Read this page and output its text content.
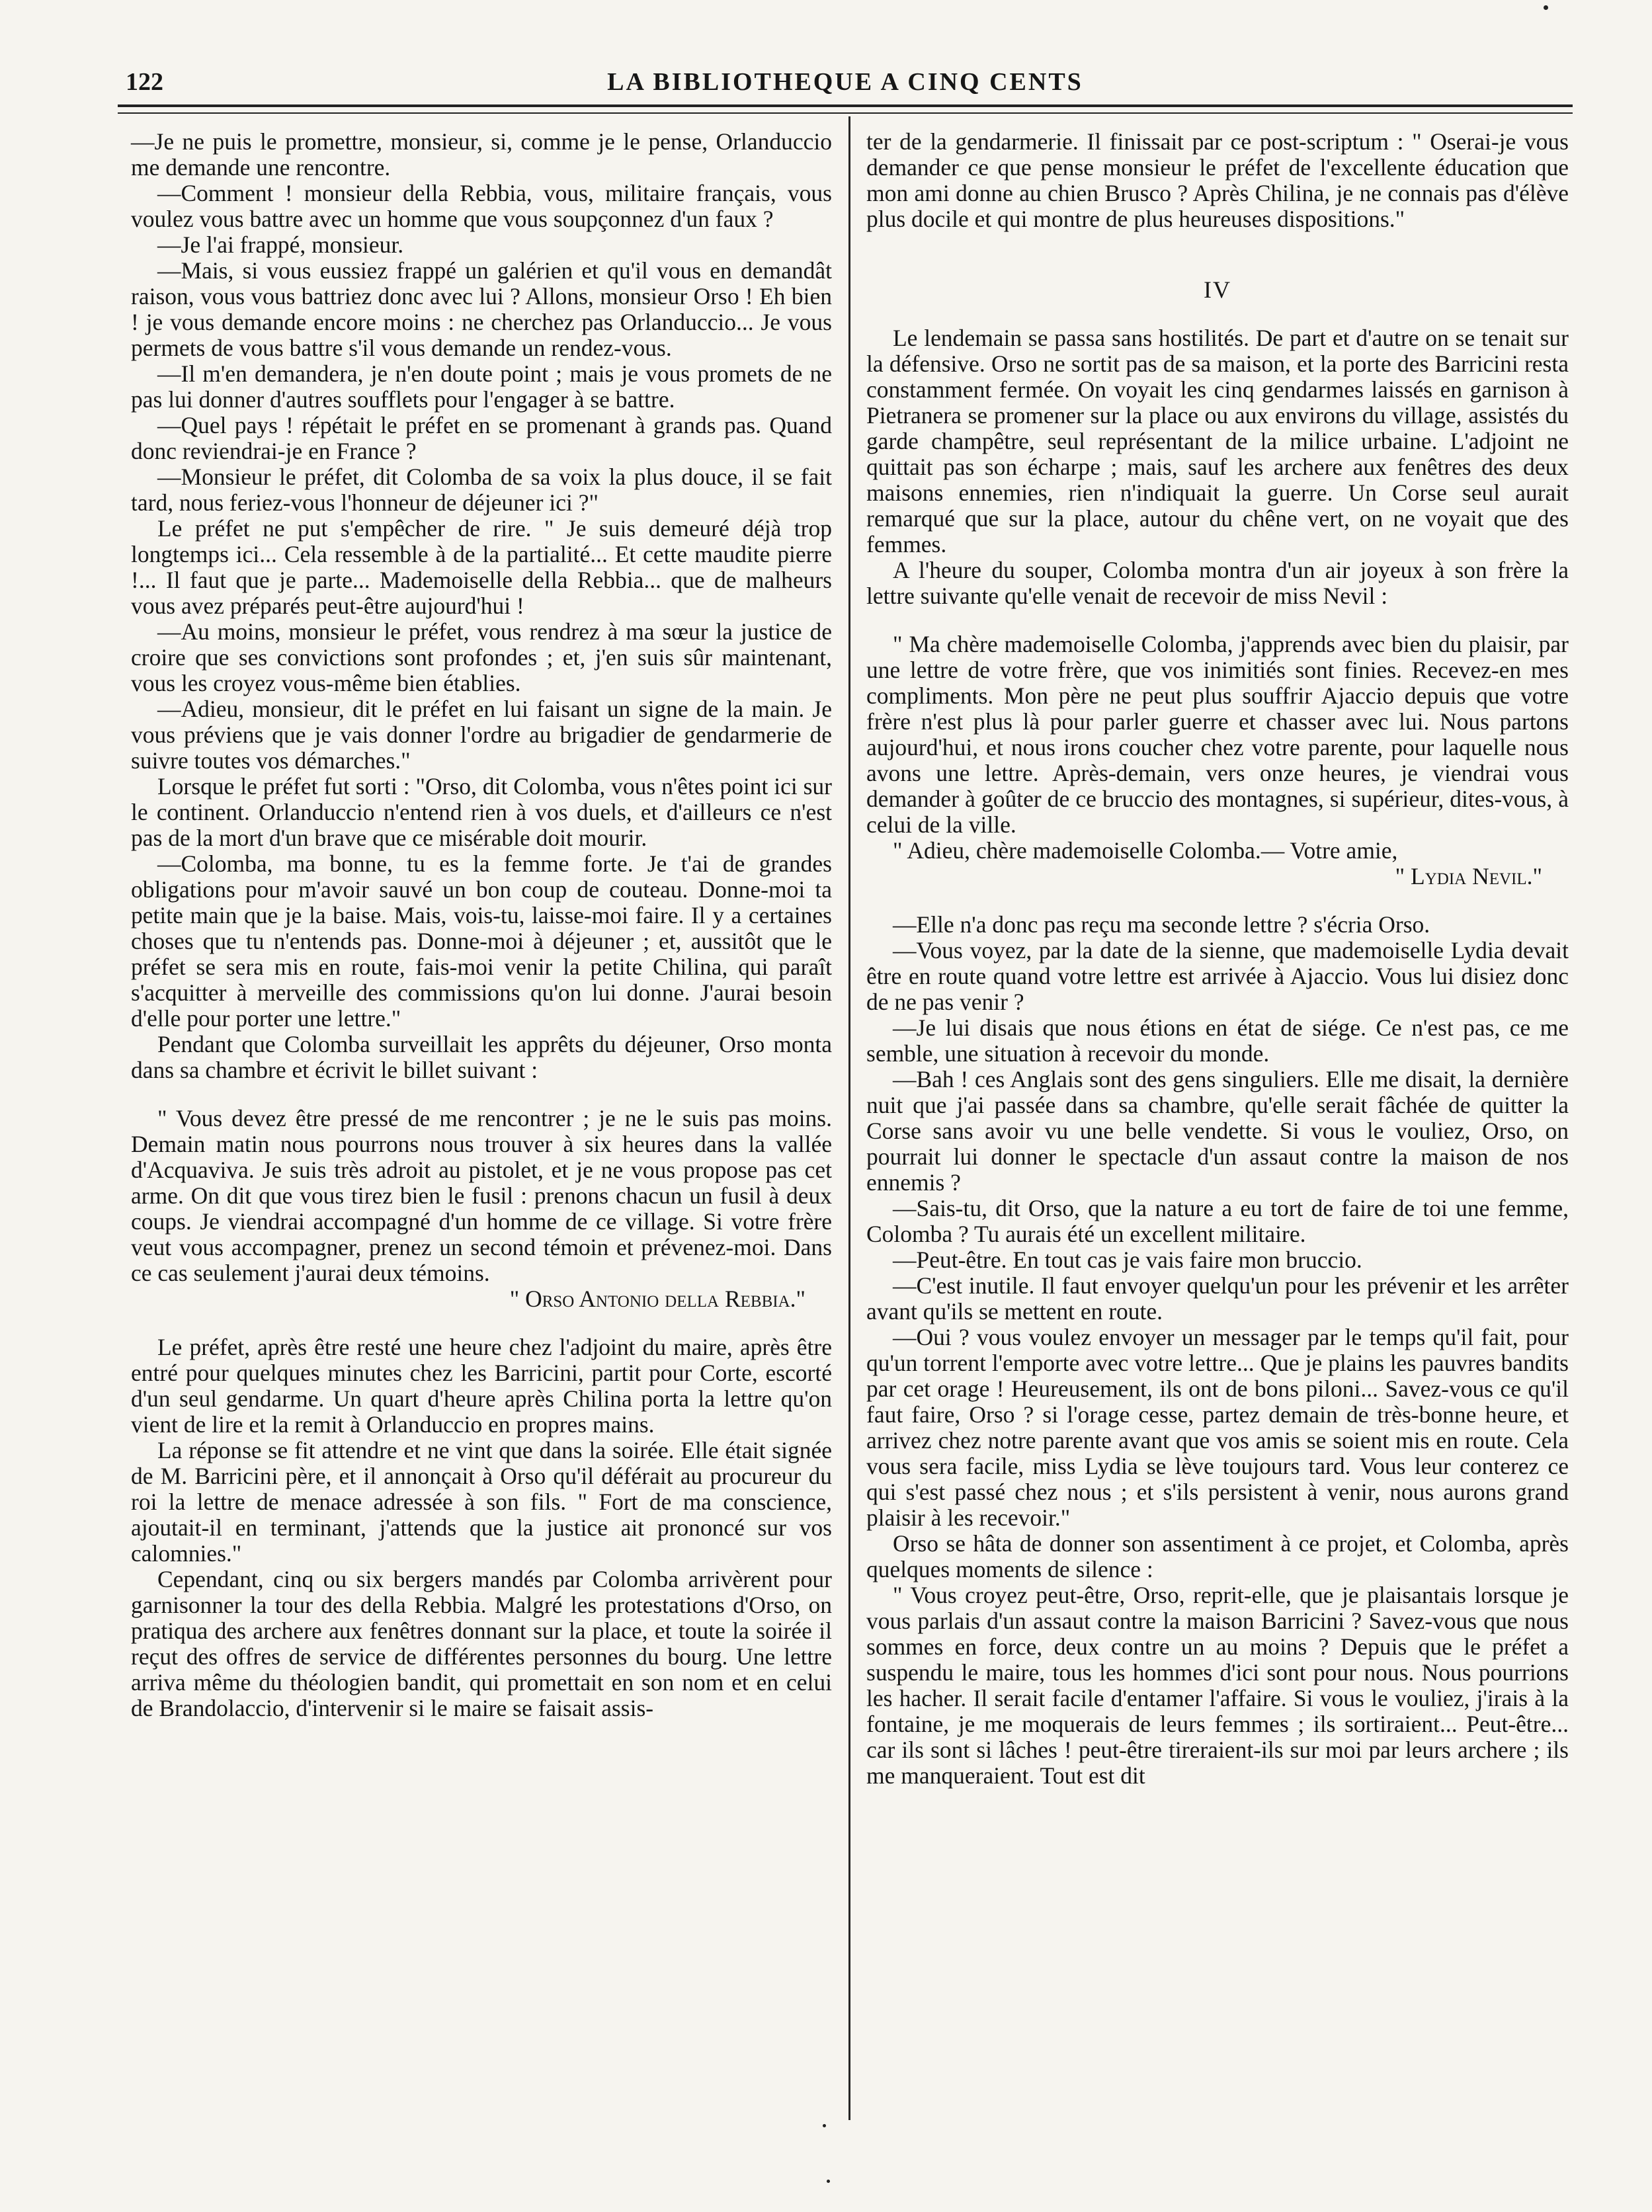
122	LA BIBLIOTHEQUE A CINQ CENTS

—Je ne puis le promettre, monsieur, si, comme je le pense, Orlanduccio me demande une rencontre.

—Comment ! monsieur della Rebbia, vous, militaire français, vous voulez vous battre avec un homme que vous soupçonnez d'un faux ?

—Je l'ai frappé, monsieur.

—Mais, si vous eussiez frappé un galérien et qu'il vous en demandât raison, vous vous battriez donc avec lui ? Allons, monsieur Orso ! Eh bien ! je vous demande encore moins : ne cherchez pas Orlanduccio... Je vous permets de vous battre s'il vous demande un rendez-vous.

—Il m'en demandera, je n'en doute point ; mais je vous promets de ne pas lui donner d'autres soufflets pour l'engager à se battre.

—Quel pays ! répétait le préfet en se promenant à grands pas. Quand donc reviendrai-je en France ?

—Monsieur le préfet, dit Colomba de sa voix la plus douce, il se fait tard, nous feriez-vous l'honneur de déjeuner ici ?"

Le préfet ne put s'empêcher de rire. " Je suis demeuré déjà trop longtemps ici... Cela ressemble à de la partialité... Et cette maudite pierre !... Il faut que je parte... Mademoiselle della Rebbia... que de malheurs vous avez préparés peut-être aujourd'hui !

—Au moins, monsieur le préfet, vous rendrez à ma sœur la justice de croire que ses convictions sont profondes ; et, j'en suis sûr maintenant, vous les croyez vous-même bien établies.

—Adieu, monsieur, dit le préfet en lui faisant un signe de la main. Je vous préviens que je vais donner l'ordre au brigadier de gendarmerie de suivre toutes vos démarches."

Lorsque le préfet fut sorti : "Orso, dit Colomba, vous n'êtes point ici sur le continent. Orlanduccio n'entend rien à vos duels, et d'ailleurs ce n'est pas de la mort d'un brave que ce misérable doit mourir.

—Colomba, ma bonne, tu es la femme forte. Je t'ai de grandes obligations pour m'avoir sauvé un bon coup de couteau. Donne-moi ta petite main que je la baise. Mais, vois-tu, laisse-moi faire. Il y a certaines choses que tu n'entends pas. Donne-moi à déjeuner ; et, aussitôt que le préfet se sera mis en route, fais-moi venir la petite Chilina, qui paraît s'acquitter à merveille des commissions qu'on lui donne. J'aurai besoin d'elle pour porter une lettre."

Pendant que Colomba surveillait les apprêts du déjeuner, Orso monta dans sa chambre et écrivit le billet suivant :

" Vous devez être pressé de me rencontrer ; je ne le suis pas moins. Demain matin nous pourrons nous trouver à six heures dans la vallée d'Acquaviva. Je suis très adroit au pistolet, et je ne vous propose pas cet arme. On dit que vous tirez bien le fusil : prenons chacun un fusil à deux coups. Je viendrai accompagné d'un homme de ce village. Si votre frère veut vous accompagner, prenez un second témoin et prévenez-moi. Dans ce cas seulement j'aurai deux témoins.

" Orso Antonio della Rebbia."

Le préfet, après être resté une heure chez l'adjoint du maire, après être entré pour quelques minutes chez les Barricini, partit pour Corte, escorté d'un seul gendarme. Un quart d'heure après Chilina porta la lettre qu'on vient de lire et la remit à Orlanduccio en propres mains.

La réponse se fit attendre et ne vint que dans la soirée. Elle était signée de M. Barricini père, et il annonçait à Orso qu'il déférait au procureur du roi la lettre de menace adressée à son fils. " Fort de ma conscience, ajoutait-il en terminant, j'attends que la justice ait prononcé sur vos calomnies."

Cependant, cinq ou six bergers mandés par Colomba arrivèrent pour garnisonner la tour des della Rebbia. Malgré les protestations d'Orso, on pratiqua des archere aux fenêtres donnant sur la place, et toute la soirée il reçut des offres de service de différentes personnes du bourg. Une lettre arriva même du théologien bandit, qui promettait en son nom et en celui de Brandolaccio, d'intervenir si le maire se faisait assis-

ter de la gendarmerie. Il finissait par ce post-scriptum : " Oserai-je vous demander ce que pense monsieur le préfet de l'excellente éducation que mon ami donne au chien Brusco ? Après Chilina, je ne connais pas d'élève plus docile et qui montre de plus heureuses dispositions."

IV

Le lendemain se passa sans hostilités. De part et d'autre on se tenait sur la défensive. Orso ne sortit pas de sa maison, et la porte des Barricini resta constamment fermée. On voyait les cinq gendarmes laissés en garnison à Pietranera se promener sur la place ou aux environs du village, assistés du garde champêtre, seul représentant de la milice urbaine. L'adjoint ne quittait pas son écharpe ; mais, sauf les archere aux fenêtres des deux maisons ennemies, rien n'indiquait la guerre. Un Corse seul aurait remarqué que sur la place, autour du chêne vert, on ne voyait que des femmes.

A l'heure du souper, Colomba montra d'un air joyeux à son frère la lettre suivante qu'elle venait de recevoir de miss Nevil :

" Ma chère mademoiselle Colomba, j'apprends avec bien du plaisir, par une lettre de votre frère, que vos inimitiés sont finies. Recevez-en mes compliments. Mon père ne peut plus souffrir Ajaccio depuis que votre frère n'est plus là pour parler guerre et chasser avec lui. Nous partons aujourd'hui, et nous irons coucher chez votre parente, pour laquelle nous avons une lettre. Après-demain, vers onze heures, je viendrai vous demander à goûter de ce bruccio des montagnes, si supérieur, dites-vous, à celui de la ville.

" Adieu, chère mademoiselle Colomba.— Votre amie,

" Lydia Nevil."

—Elle n'a donc pas reçu ma seconde lettre ? s'écria Orso.

—Vous voyez, par la date de la sienne, que mademoiselle Lydia devait être en route quand votre lettre est arrivée à Ajaccio. Vous lui disiez donc de ne pas venir ?

—Je lui disais que nous étions en état de siége. Ce n'est pas, ce me semble, une situation à recevoir du monde.

—Bah ! ces Anglais sont des gens singuliers. Elle me disait, la dernière nuit que j'ai passée dans sa chambre, qu'elle serait fâchée de quitter la Corse sans avoir vu une belle vendette. Si vous le vouliez, Orso, on pourrait lui donner le spectacle d'un assaut contre la maison de nos ennemis ?

—Sais-tu, dit Orso, que la nature a eu tort de faire de toi une femme, Colomba ? Tu aurais été un excellent militaire.

—Peut-être. En tout cas je vais faire mon bruccio.

—C'est inutile. Il faut envoyer quelqu'un pour les prévenir et les arrêter avant qu'ils se mettent en route.

—Oui ? vous voulez envoyer un messager par le temps qu'il fait, pour qu'un torrent l'emporte avec votre lettre... Que je plains les pauvres bandits par cet orage ! Heureusement, ils ont de bons piloni... Savez-vous ce qu'il faut faire, Orso ? si l'orage cesse, partez demain de très-bonne heure, et arrivez chez notre parente avant que vos amis se soient mis en route. Cela vous sera facile, miss Lydia se lève toujours tard. Vous leur conterez ce qui s'est passé chez nous ; et s'ils persistent à venir, nous aurons grand plaisir à les recevoir."

Orso se hâta de donner son assentiment à ce projet, et Colomba, après quelques moments de silence :

" Vous croyez peut-être, Orso, reprit-elle, que je plaisantais lorsque je vous parlais d'un assaut contre la maison Barricini ? Savez-vous que nous sommes en force, deux contre un au moins ? Depuis que le préfet a suspendu le maire, tous les hommes d'ici sont pour nous. Nous pourrions les hacher. Il serait facile d'entamer l'affaire. Si vous le vouliez, j'irais à la fontaine, je me moquerais de leurs femmes ; ils sortiraient... Peut-être... car ils sont si lâches ! peut-être tireraient-ils sur moi par leurs archere ; ils me manqueraient. Tout est dit
